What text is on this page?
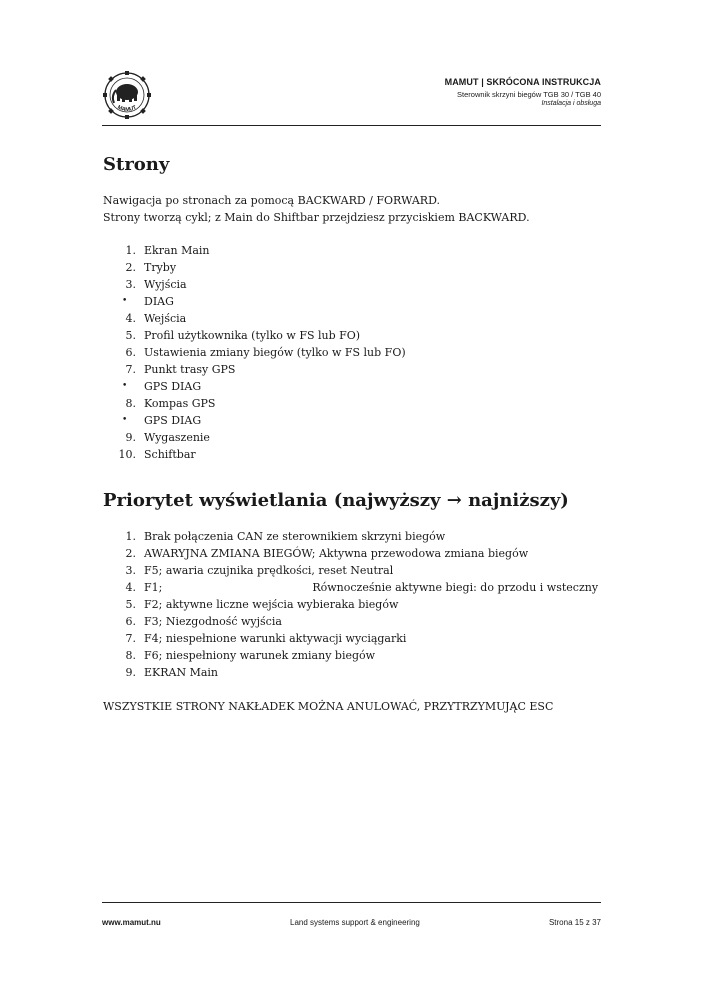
MAMUT
MAMUT | SKRÓCONA INSTRUKCJA
Sterownik skrzyni biegów TGB 30 / TGB 40
Instalacja i obsługa
Strony
Nawigacja po stronach za pomocą BACKWARD / FORWARD.
Strony tworzą cykl; z Main do Shiftbar przejdziesz przyciskiem BACKWARD.
1. Ekran Main
2. Tryby
3. Wyjścia
• DIAG
4. Wejścia
5. Profil użytkownika (tylko w FS lub FO)
6. Ustawienia zmiany biegów (tylko w FS lub FO)
7. Punkt trasy GPS
• GPS DIAG
8. Kompas GPS
• GPS DIAG
9. Wygaszenie
10. Schiftbar
Priorytet wyświetlania (najwyższy → najniższy)
1. Brak połączenia CAN ze sterownikiem skrzyni biegów
2. AWARYJNA ZMIANA BIEGÓW; Aktywna przewodowa zmiana biegów
3. F5; awaria czujnika prędkości, reset Neutral
4. F1;	Równocześnie aktywne biegi: do przodu i wsteczny
5. F2; aktywne liczne wejścia wybieraka biegów
6. F3; Niezgodność wyjścia
7. F4; niespełnione warunki aktywacji wyciągarki
8. F6; niespełniony warunek zmiany biegów
9. EKRAN Main
WSZYSTKIE STRONY NAKŁADEK MOŻNA ANULOWAĆ, PRZYTRZYMUJĄC ESC
www.mamut.nu	Land systems support & engineering	Strona 15 z 37
